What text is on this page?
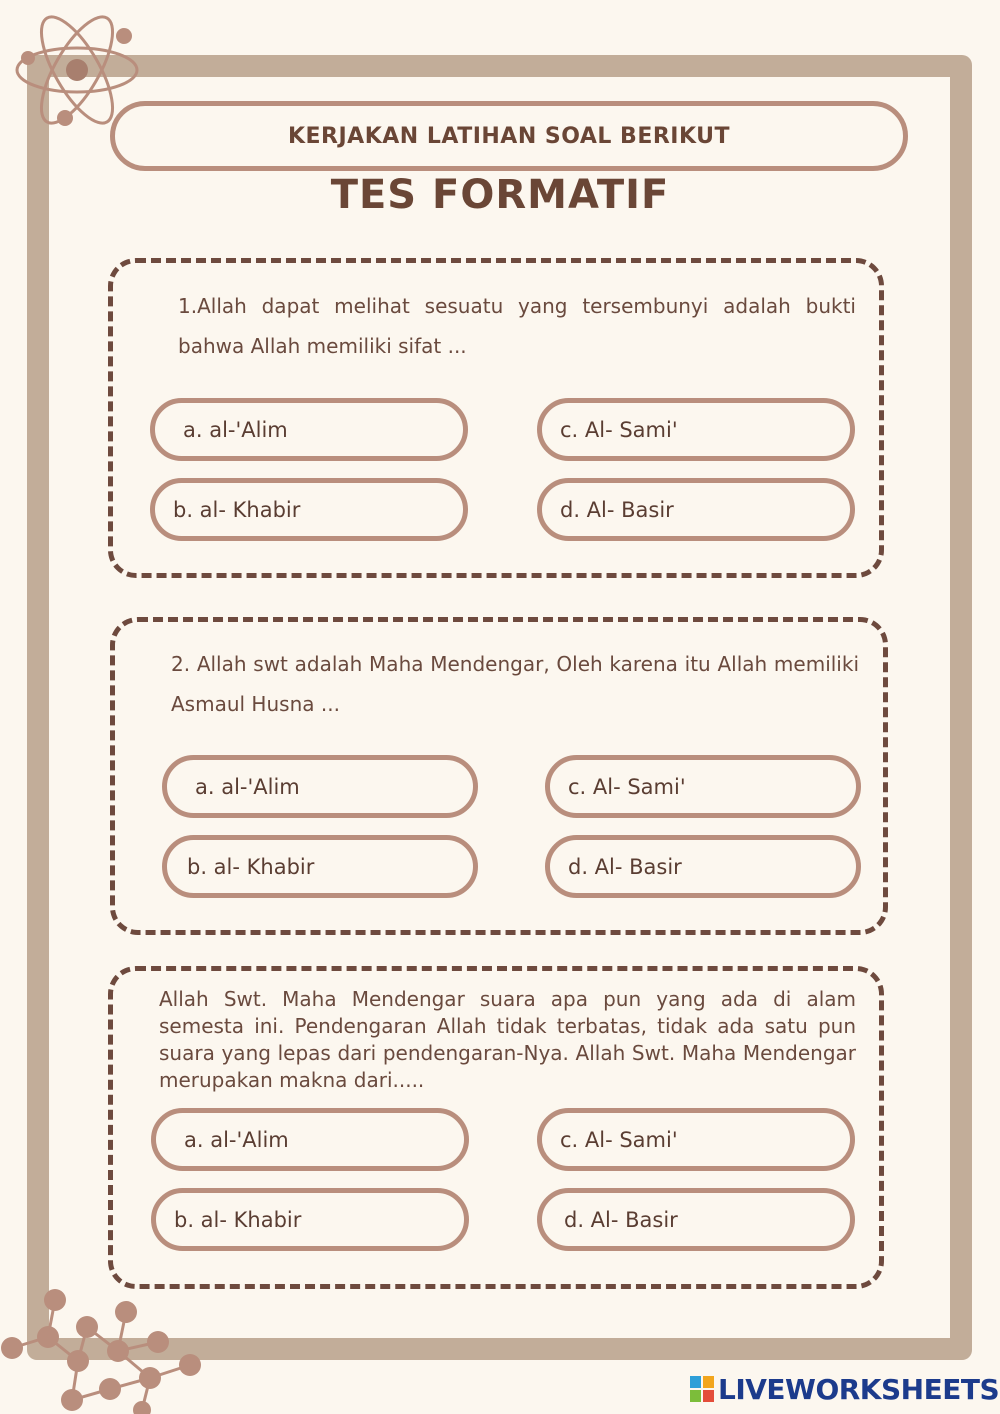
KERJAKAN LATIHAN SOAL BERIKUT
TES FORMATIF
1.Allah dapat melihat sesuatu yang tersembunyi adalah bukti bahwa Allah memiliki sifat ...
a. al-'Alim
b. al- Khabir
c. Al- Sami'
d. Al- Basir
2. Allah swt adalah Maha Mendengar, Oleh karena itu Allah memiliki Asmaul Husna ...
a. al-'Alim
b. al- Khabir
c. Al- Sami'
d. Al- Basir
Allah Swt. Maha Mendengar suara apa pun yang ada di alam semesta ini. Pendengaran Allah tidak terbatas, tidak ada satu pun suara yang lepas dari pendengaran-Nya. Allah Swt. Maha Mendengar merupakan makna dari.....
a. al-'Alim
b. al- Khabir
c. Al- Sami'
d. Al- Basir
LIVEWORKSHEETS
